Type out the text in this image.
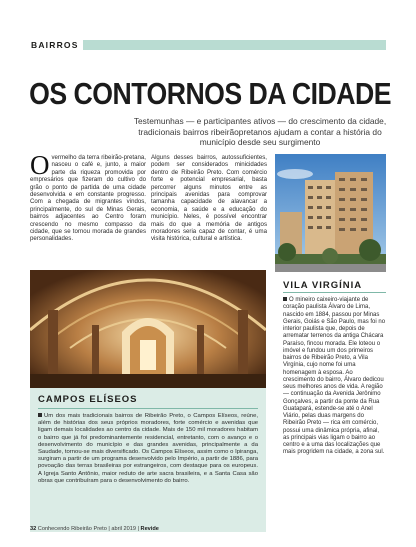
BAIRROS
OS CONTORNOS DA CIDADE
Testemunhas — e participantes ativos — do crescimento da cidade, tradicionais bairros ribeirãopretanos ajudam a contar a história do município desde seu surgimento
Overmelho da terra ribeirão-pretana, nasceu o café e, junto, a maior parte da riqueza promovida por empresários que fizeram do cultivo do grão o ponto de partida de uma cidade desenvolvida e em constante progresso. Com a chegada de migrantes vindos, principalmente, do sul de Minas Gerais, bairros adjacentes ao Centro foram crescendo no mesmo compasso da cidade, que se tornou morada de grandes personalidades.
Alguns desses bairros, autossuficientes, podem ser considerados minicidades dentro de Ribeirão Preto. Com comércio forte e potencial empresarial, basta percorrer alguns minutos entre as principais avenidas para comprovar tamanha capacidade de alavancar a economia, a saúde e a educação do município. Neles, é possível encontrar mais do que a memória de antigos moradores seria capaz de contar, é uma visita histórica, cultural e artística.
CAMPOS ELÍSEOS
Um dos mais tradicionais bairros de Ribeirão Preto, o Campos Elíseos, reúne, além de histórias dos seus próprios moradores, forte comércio e avenidas que ligam demais localidades ao centro da cidade. Mais de 150 mil moradores habitam o bairro que já foi predominantemente residencial, entretanto, com o avanço e o desenvolvimento do município e das grandes avenidas, principalmente a da Saudade, tornou-se mais diversificado. Os Campos Elíseos, assim como o Ipiranga, surgiram a partir de um programa desenvolvido pelo Império, a partir de 1886, para povoação das terras brasileiras por estrangeiros, com destaque para os europeus. A Igreja Santo Antônio, maior reduto de arte sacra brasileira, e a Santa Casa são obras que contribuíram para o desenvolvimento do bairro.
VILA VIRGÍNIA
O mineiro caixeiro-viajante de coração paulista Álvaro de Lima, nascido em 1884, passou por Minas Gerais, Goiás e São Paulo, mas foi no interior paulista que, depois de arrematar terrenos da antiga Chácara Paraíso, fincou morada. Ele loteou o imóvel e fundou um dos primeiros bairros de Ribeirão Preto, a Vila Virgínia, cujo nome foi uma homenagem à esposa. Ao crescimento do bairro, Álvaro dedicou seus melhores anos de vida. A região — continuação da Avenida Jerônimo Gonçalves, a partir da ponte da Rua Guatapará, estende-se até o Anel Viário, pelas duas margens do Ribeirão Preto — rica em comércio, possui uma dinâmica própria, afinal, as principais vias ligam o bairro ao centro e a uma das localizações que mais progridem na cidade, a zona sul.
32 Conhecendo Ribeirão Preto | abril 2019 | Revide
